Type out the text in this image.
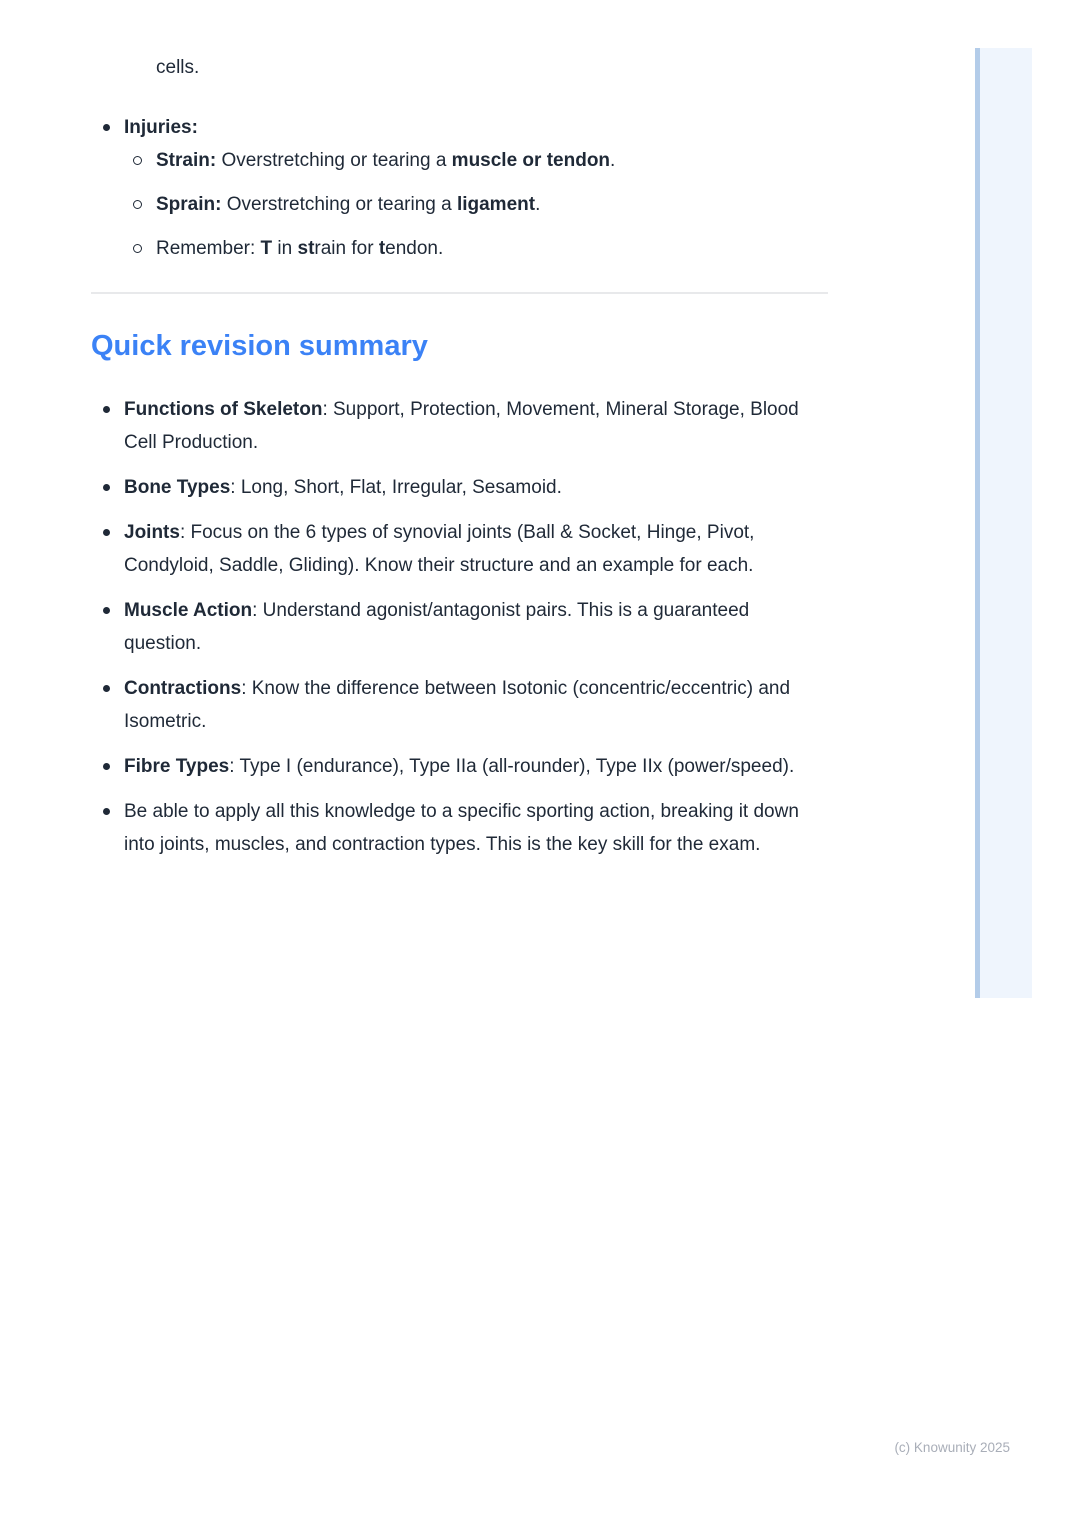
cells.

Injuries:
Strain: Overstretching or tearing a muscle or tendon.
Sprain: Overstretching or tearing a ligament.
Remember: T in strain for tendon.
Quick revision summary
Functions of Skeleton: Support, Protection, Movement, Mineral Storage, Blood Cell Production.
Bone Types: Long, Short, Flat, Irregular, Sesamoid.
Joints: Focus on the 6 types of synovial joints (Ball & Socket, Hinge, Pivot, Condyloid, Saddle, Gliding). Know their structure and an example for each.
Muscle Action: Understand agonist/antagonist pairs. This is a guaranteed question.
Contractions: Know the difference between Isotonic (concentric/eccentric) and Isometric.
Fibre Types: Type I (endurance), Type IIa (all-rounder), Type IIx (power/speed).
Be able to apply all this knowledge to a specific sporting action, breaking it down into joints, muscles, and contraction types. This is the key skill for the exam.
(c) Knowunity 2025
